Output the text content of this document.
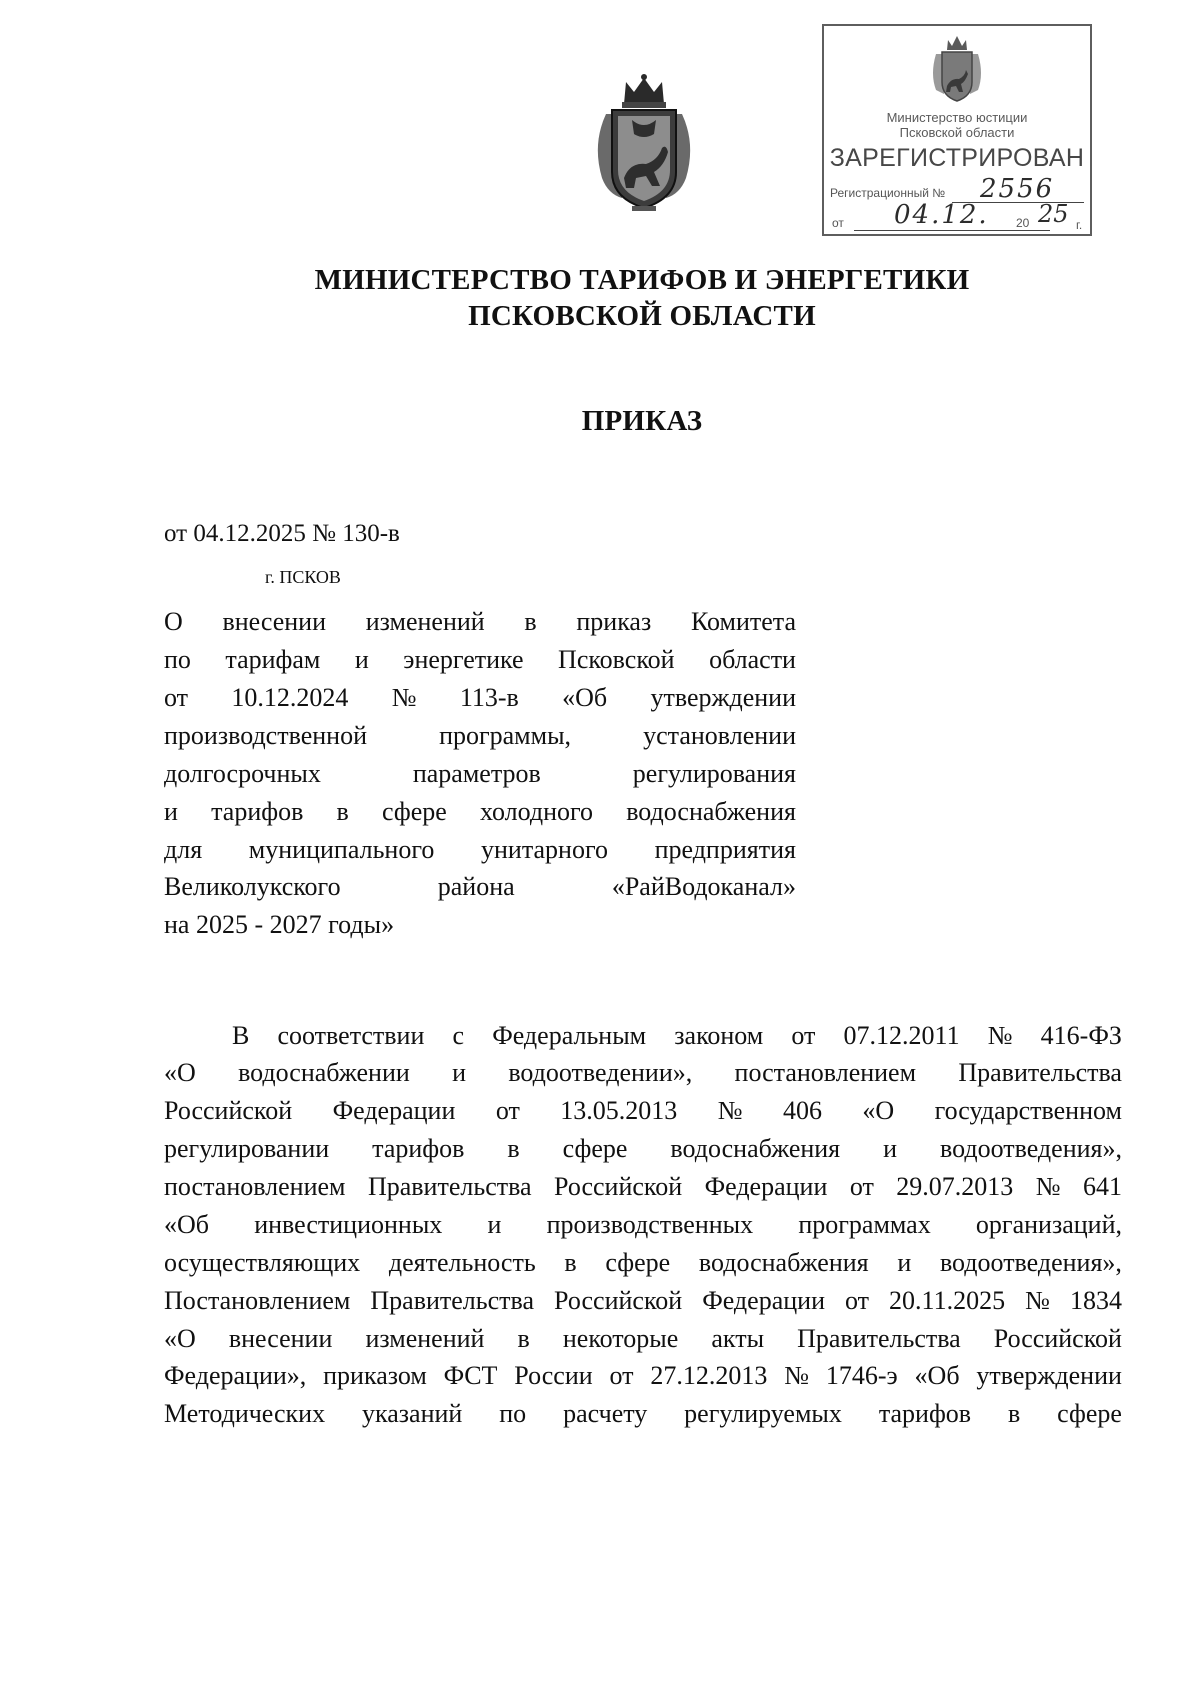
Министерство юстиции
Псковской области
ЗАРЕГИСТРИРОВАН
Регистрационный № 2556
от 04.12. 20 25 г.
МИНИСТЕРСТВО ТАРИФОВ И ЭНЕРГЕТИКИ
ПСКОВСКОЙ ОБЛАСТИ
ПРИКАЗ
от 04.12.2025 № 130-в
г. ПСКОВ
О внесении изменений в приказ Комитета
по тарифам и энергетике Псковской области
от 10.12.2024 № 113-в «Об утверждении
производственной	программы,	установлении
долгосрочных	параметров	регулирования
и тарифов в сфере холодного водоснабжения
для муниципального унитарного предприятия
Великолукского	района	«РайВодоканал»
на 2025 - 2027 годы»
В соответствии с Федеральным законом от 07.12.2011 № 416-ФЗ
«О водоснабжении и водоотведении», постановлением Правительства
Российской Федерации от 13.05.2013 № 406 «О государственном
регулировании тарифов в сфере водоснабжения и водоотведения»,
постановлением Правительства Российской Федерации от 29.07.2013 № 641
«Об инвестиционных и производственных программах организаций,
осуществляющих деятельность в сфере водоснабжения и водоотведения»,
Постановлением Правительства Российской Федерации от 20.11.2025 № 1834
«О внесении изменений в некоторые акты Правительства Российской
Федерации», приказом ФСТ России от 27.12.2013 № 1746-э «Об утверждении
Методических указаний по расчету регулируемых тарифов в сфере
